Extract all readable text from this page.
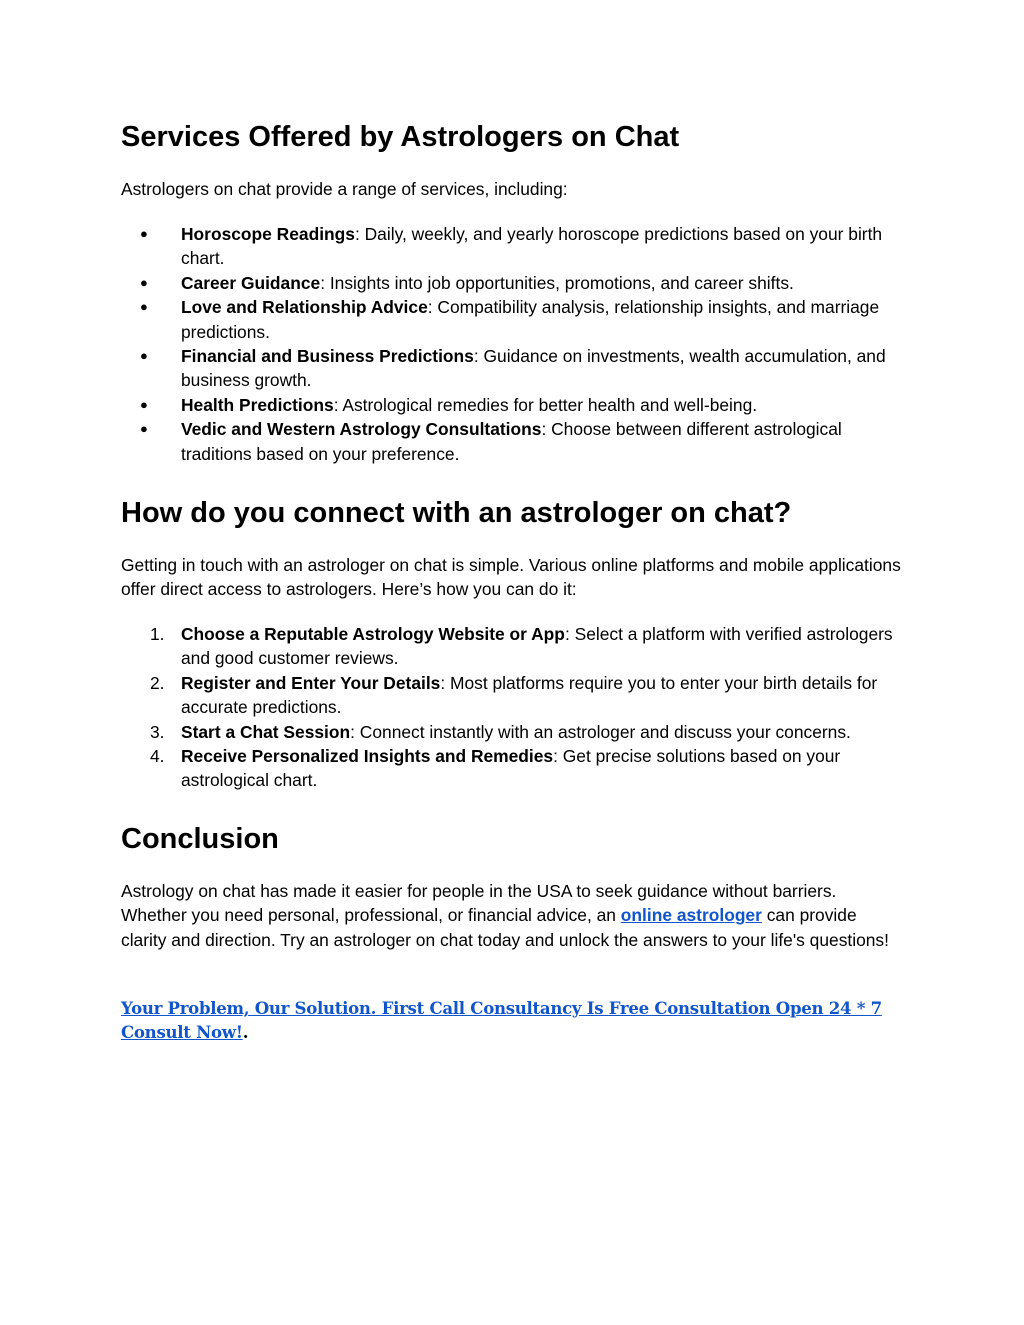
Services Offered by Astrologers on Chat

Astrologers on chat provide a range of services, including:

●	Horoscope Readings: Daily, weekly, and yearly horoscope predictions based on your birth chart.
●	Career Guidance: Insights into job opportunities, promotions, and career shifts.
●	Love and Relationship Advice: Compatibility analysis, relationship insights, and marriage predictions.
●	Financial and Business Predictions: Guidance on investments, wealth accumulation, and business growth.
●	Health Predictions: Astrological remedies for better health and well-being.
●	Vedic and Western Astrology Consultations: Choose between different astrological traditions based on your preference.
How do you connect with an astrologer on chat?

Getting in touch with an astrologer on chat is simple. Various online platforms and mobile applications offer direct access to astrologers. Here’s how you can do it:

1. Choose a Reputable Astrology Website or App: Select a platform with verified astrologers and good customer reviews.
2. Register and Enter Your Details: Most platforms require you to enter your birth details for accurate predictions.
3. Start a Chat Session: Connect instantly with an astrologer and discuss your concerns.
4. Receive Personalized Insights and Remedies: Get precise solutions based on your astrological chart.
Conclusion

Astrology on chat has made it easier for people in the USA to seek guidance without barriers. Whether you need personal, professional, or financial advice, an online astrologer can provide clarity and direction. Try an astrologer on chat today and unlock the answers to your life's questions!

Your Problem, Our Solution. First Call Consultancy Is Free Consultation Open 24 * 7 Consult Now!.
